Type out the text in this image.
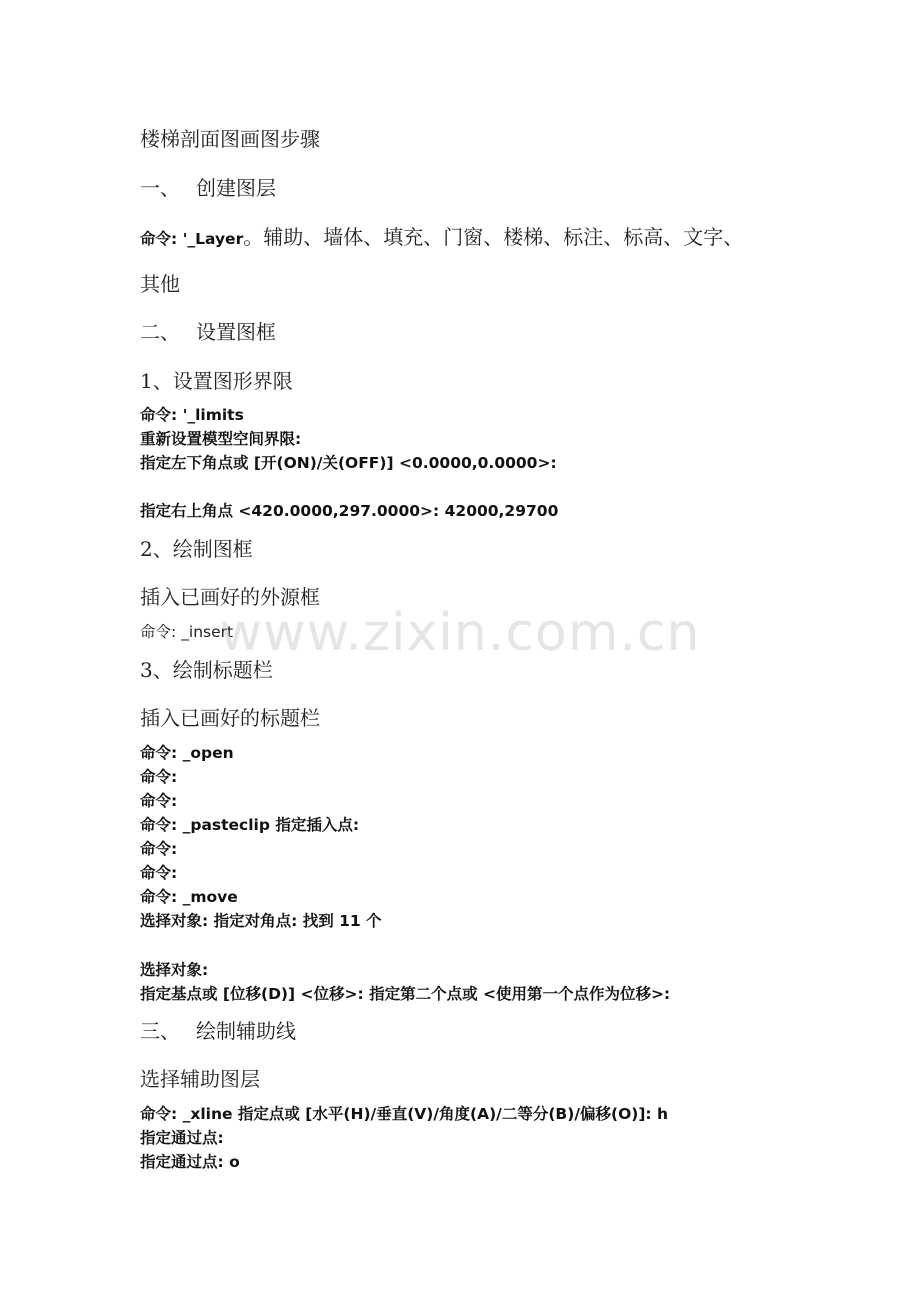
楼梯剖面图画图步骤
一、 创建图层
命令: '_Layer。辅助、墙体、填充、门窗、楼梯、标注、标高、文字、
其他
二、 设置图框
1、设置图形界限
命令: '_limits
重新设置模型空间界限:
指定左下角点或 [开(ON)/关(OFF)] <0.0000,0.0000>:
指定右上角点 <420.0000,297.0000>: 42000,29700
2、绘制图框
插入已画好的外源框
命令: _insert
3、绘制标题栏
插入已画好的标题栏
命令: _open
命令:
命令:
命令: _pasteclip 指定插入点:
命令:
命令:
命令: _move
选择对象: 指定对角点: 找到 11 个
选择对象:
指定基点或 [位移(D)] <位移>: 指定第二个点或 <使用第一个点作为位移>:
三、 绘制辅助线
选择辅助图层
命令: _xline 指定点或 [水平(H)/垂直(V)/角度(A)/二等分(B)/偏移(O)]: h
指定通过点:
指定通过点: o
www.zixin.com.cn
